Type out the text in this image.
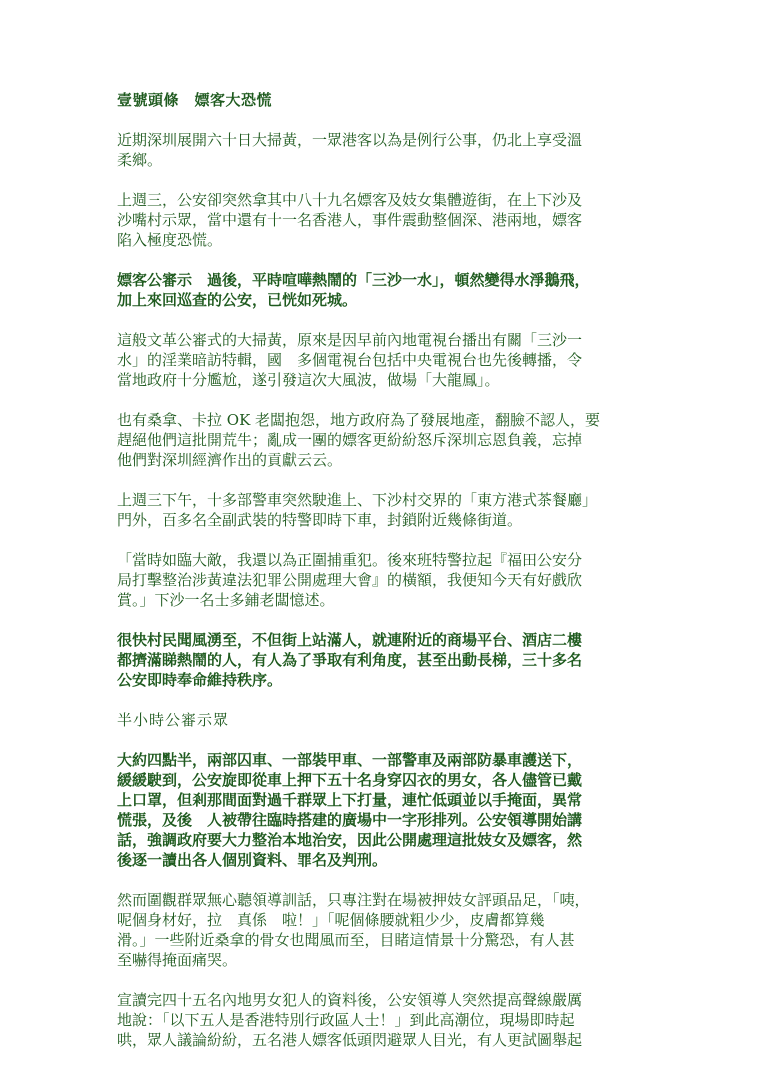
壹號頭條　嫖客大恐慌

近期深圳展開六十日大掃黃，一眾港客以為是例行公事，仍北上享受溫
柔鄉。

上週三，公安卻突然拿其中八十九名嫖客及妓女集體遊街，在上下沙及
沙嘴村示眾，當中還有十一名香港人，事件震動整個深、港兩地，嫖客
陷入極度恐慌。

嫖客公審示　過後，平時喧嘩熱鬧的「三沙一水」，頓然變得水淨鵝飛，
加上來回巡查的公安，已恍如死城。

這般文革公審式的大掃黃，原來是因早前內地電視台播出有關「三沙一
水」的淫業暗訪特輯，國　多個電視台包括中央電視台也先後轉播，令
當地政府十分尷尬，遂引發這次大風波，做場「大龍鳳」。

也有桑拿、卡拉 OK 老闆抱怨，地方政府為了發展地產，翻臉不認人，要
趕絕他們這批開荒牛；亂成一團的嫖客更紛紛怒斥深圳忘恩負義，忘掉
他們對深圳經濟作出的貢獻云云。

上週三下午，十多部警車突然駛進上、下沙村交界的「東方港式茶餐廳」
門外，百多名全副武裝的特警即時下車，封鎖附近幾條街道。

「當時如臨大敵，我還以為正圍捕重犯。後來班特警拉起『福田公安分
局打擊整治涉黃違法犯罪公開處理大會』的橫額，我便知今天有好戲欣
賞。」下沙一名士多鋪老闆憶述。

很快村民聞風湧至，不但街上站滿人，就連附近的商場平台、酒店二樓
都擠滿睇熱鬧的人，有人為了爭取有利角度，甚至出動長梯，三十多名
公安即時奉命維持秩序。

半小時公審示眾

大約四點半，兩部囚車、一部裝甲車、一部警車及兩部防暴車護送下，
緩緩駛到，公安旋即從車上押下五十名身穿囚衣的男女，各人儘管已戴
上口罩，但剎那間面對過千群眾上下打量，連忙低頭並以手掩面，異常
慌張，及後　人被帶往臨時搭建的廣場中一字形排列。公安領導開始講
話，強調政府要大力整治本地治安，因此公開處理這批妓女及嫖客，然
後逐一讀出各人個別資料、罪名及判刑。

然而圍觀群眾無心聽領導訓話，只專注對在場被押妓女評頭品足，「咦，
呢個身材好，拉　真係　啦！」「呢個條腰就粗少少，皮膚都算幾
滑。」一些附近桑拿的骨女也聞風而至，目睹這情景十分驚恐，有人甚
至嚇得掩面痛哭。

宣讀完四十五名內地男女犯人的資料後，公安領導人突然提高聲線嚴厲
地說：「以下五人是香港特別行政區人士！」到此高潮位，現場即時起
哄，眾人議論紛紛，五名港人嫖客低頭閃避眾人目光，有人更試圖舉起
